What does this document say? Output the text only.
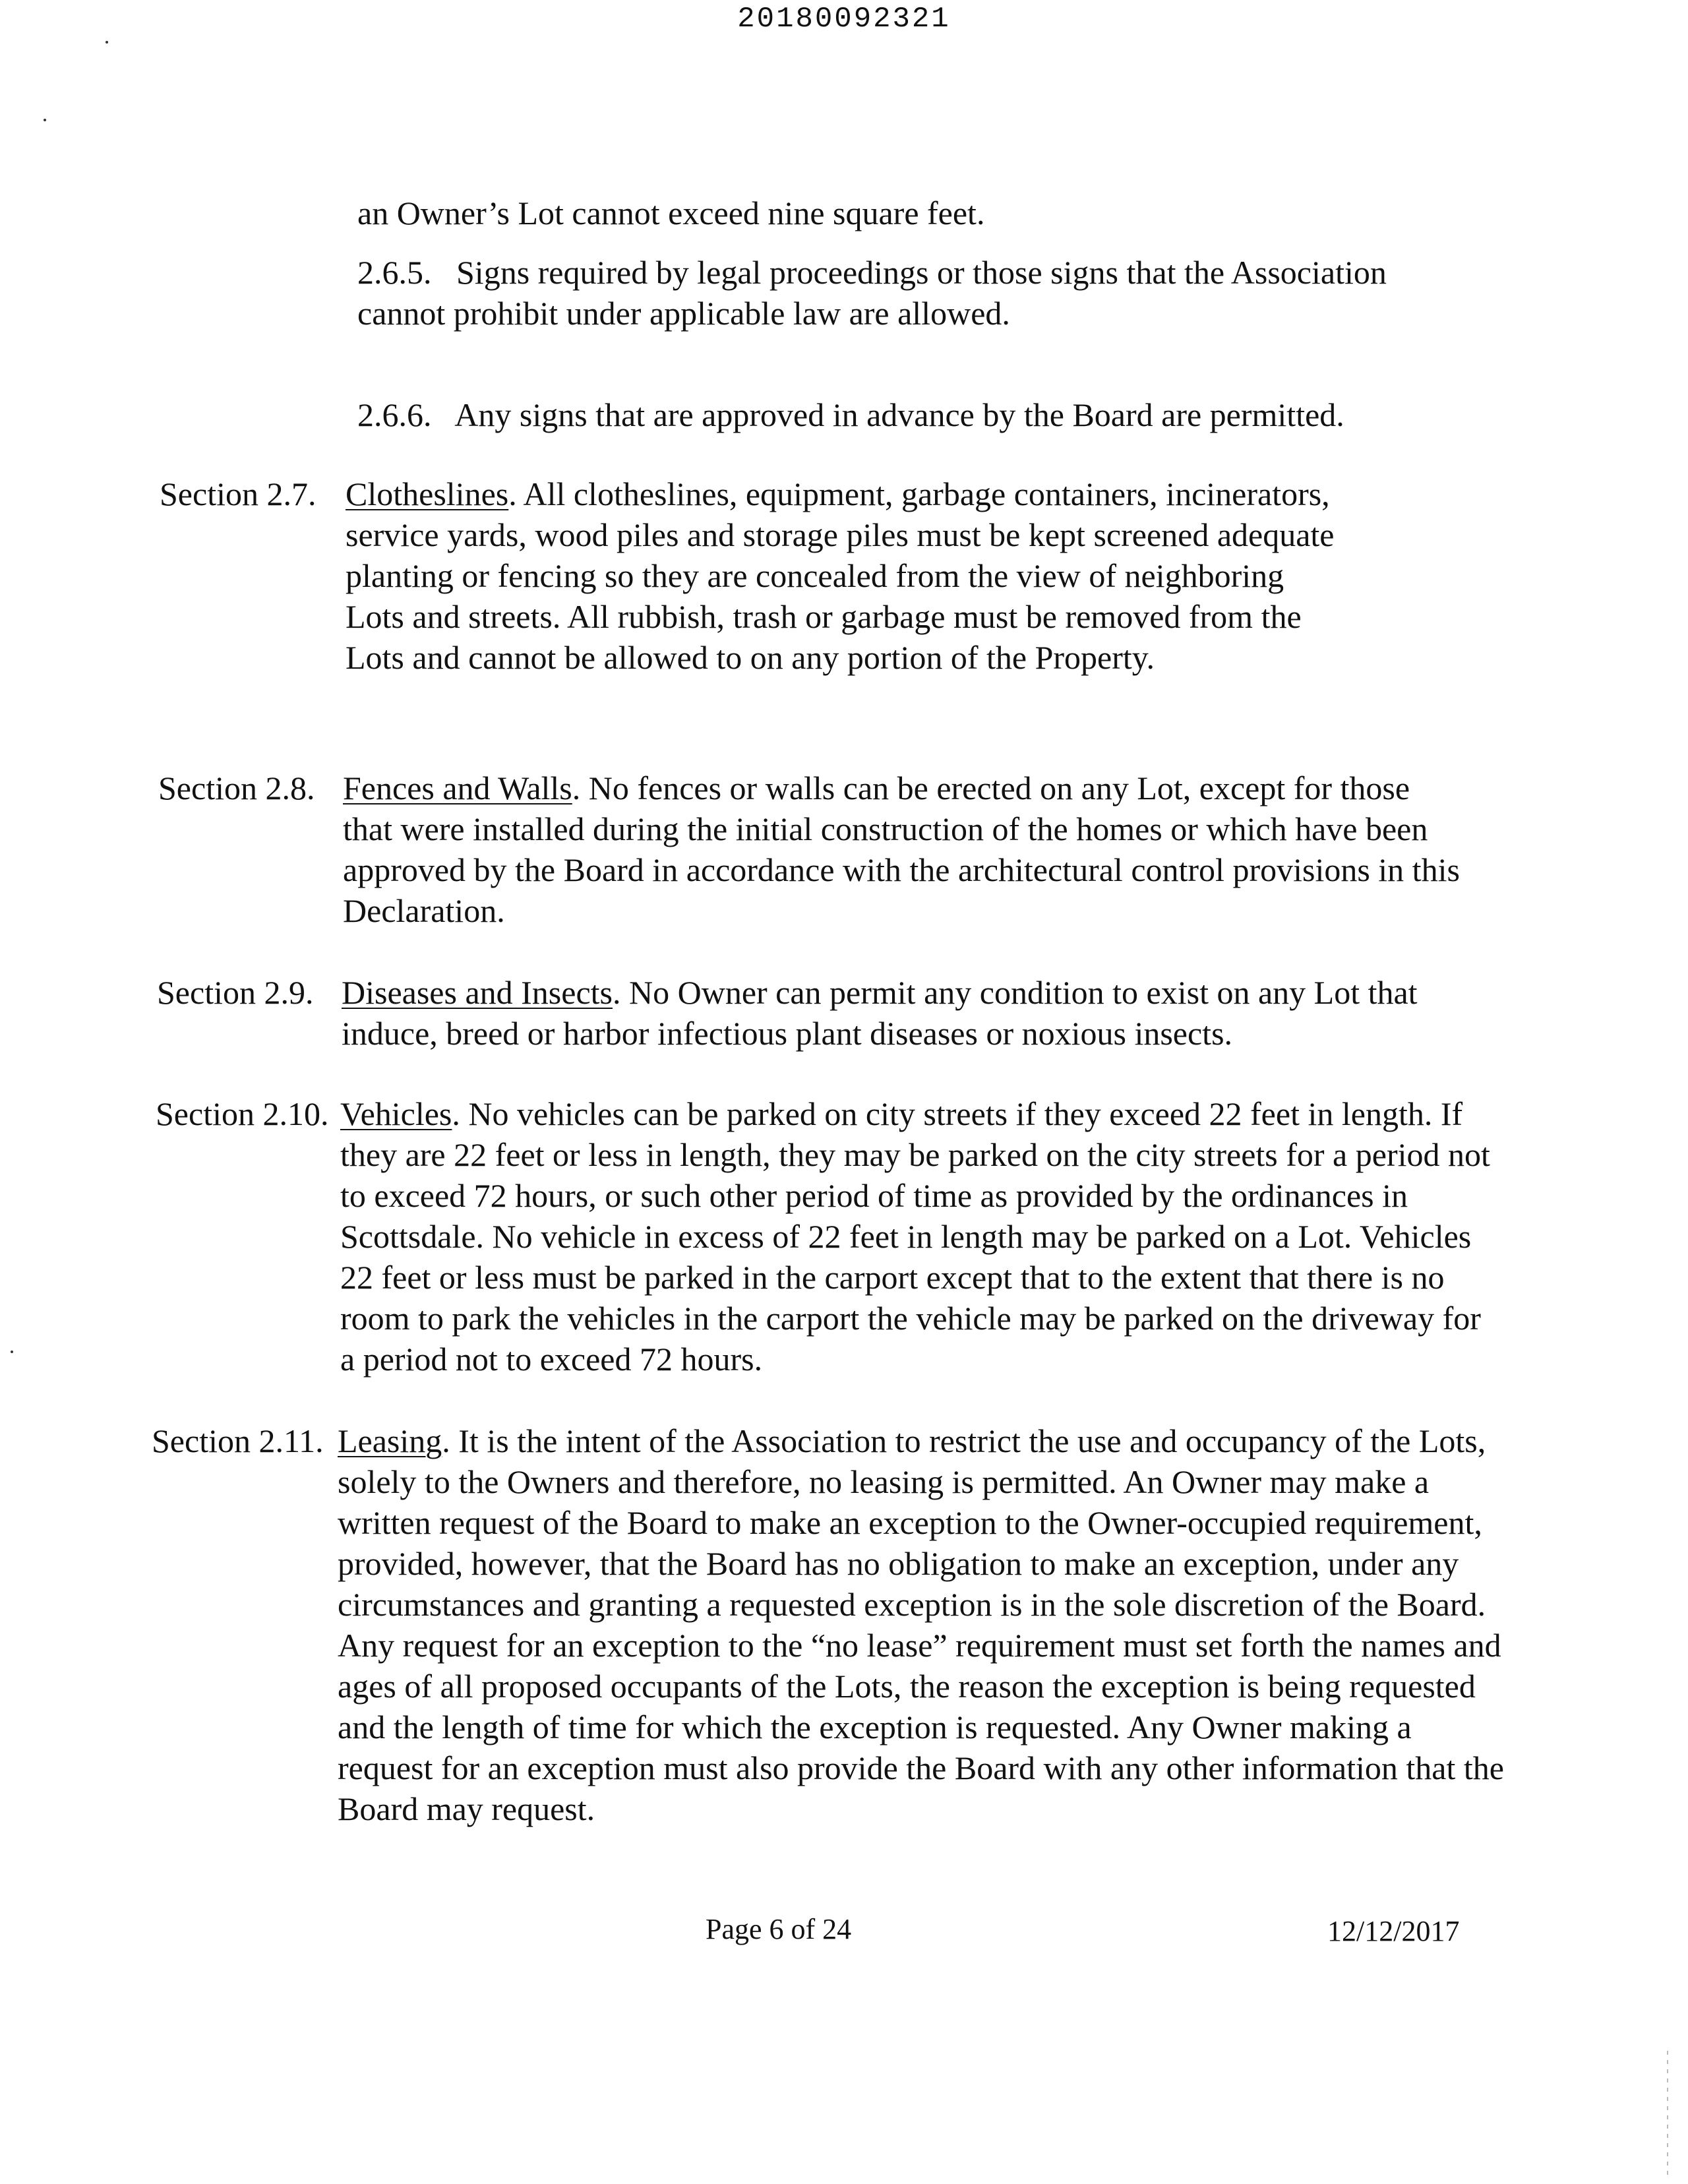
20180092321

an Owner’s Lot cannot exceed nine square feet.

2.6.5. Signs required by legal proceedings or those signs that the Association cannot prohibit under applicable law are allowed.
2.6.6. Any signs that are approved in advance by the Board are permitted.
Section 2.7. Clotheslines. All clotheslines, equipment, garbage containers, incinerators, service yards, wood piles and storage piles must be kept screened adequate planting or fencing so they are concealed from the view of neighboring Lots and streets. All rubbish, trash or garbage must be removed from the Lots and cannot be allowed to on any portion of the Property.

Section 2.8. Fences and Walls. No fences or walls can be erected on any Lot, except for those that were installed during the initial construction of the homes or which have been approved by the Board in accordance with the architectural control provisions in this Declaration.

Section 2.9. Diseases and Insects. No Owner can permit any condition to exist on any Lot that induce, breed or harbor infectious plant diseases or noxious insects.

Section 2.10. Vehicles. No vehicles can be parked on city streets if they exceed 22 feet in length. If they are 22 feet or less in length, they may be parked on the city streets for a period not to exceed 72 hours, or such other period of time as provided by the ordinances in Scottsdale. No vehicle in excess of 22 feet in length may be parked on a Lot. Vehicles 22 feet or less must be parked in the carport except that to the extent that there is no room to park the vehicles in the carport the vehicle may be parked on the driveway for a period not to exceed 72 hours.

Section 2.11. Leasing. It is the intent of the Association to restrict the use and occupancy of the Lots, solely to the Owners and therefore, no leasing is permitted. An Owner may make a written request of the Board to make an exception to the Owner-occupied requirement, provided, however, that the Board has no obligation to make an exception, under any circumstances and granting a requested exception is in the sole discretion of the Board. Any request for an exception to the “no lease” requirement must set forth the names and ages of all proposed occupants of the Lots, the reason the exception is being requested and the length of time for which the exception is requested. Any Owner making a request for an exception must also provide the Board with any other information that the Board may request.

Page 6 of 24	12/12/2017
